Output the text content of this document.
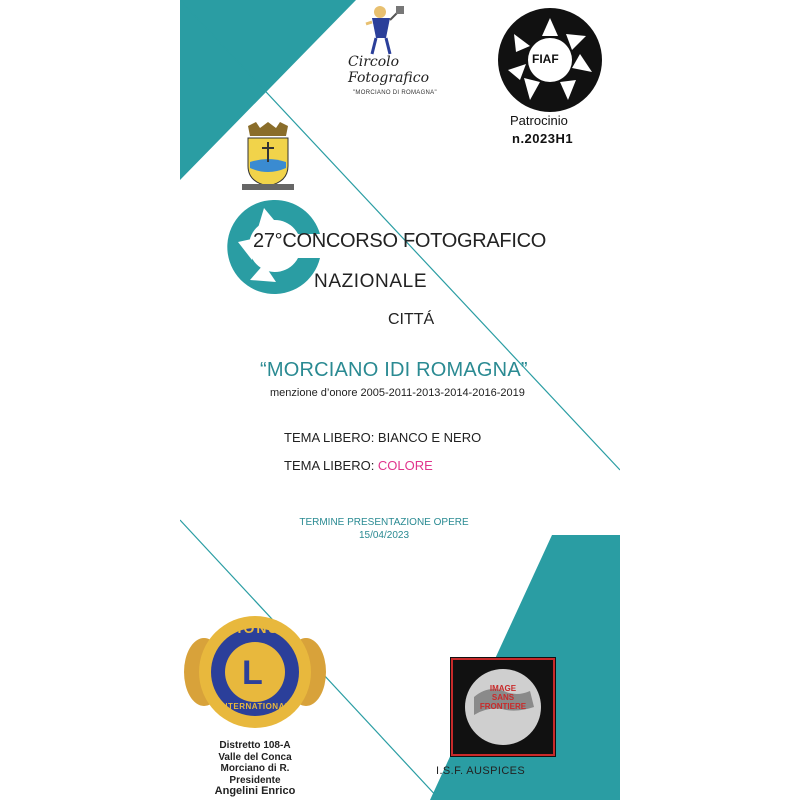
Circolo
Fotografico
"MORCIANO DI ROMAGNA"
FIAF
Patrocinio
n.2023H1
27°CONCORSO FOTOGRAFICO
NAZIONALE
CITTÁ
“MORCIANO IDI ROMAGNA”
menzione d’onore 2005-2011-2013-2014-2016-2019
TEMA LIBERO: BIANCO E NERO
TEMA LIBERO: COLORE
TERMINE PRESENTAZIONE OPERE
15/04/2023
LIONS
L
INTERNATIONAL
Distretto 108-A
Valle del Conca
Morciano di R.
Presidente
Angelini Enrico
IMAGE
SANS
FRONTIERE
I.S.F. AUSPICES
